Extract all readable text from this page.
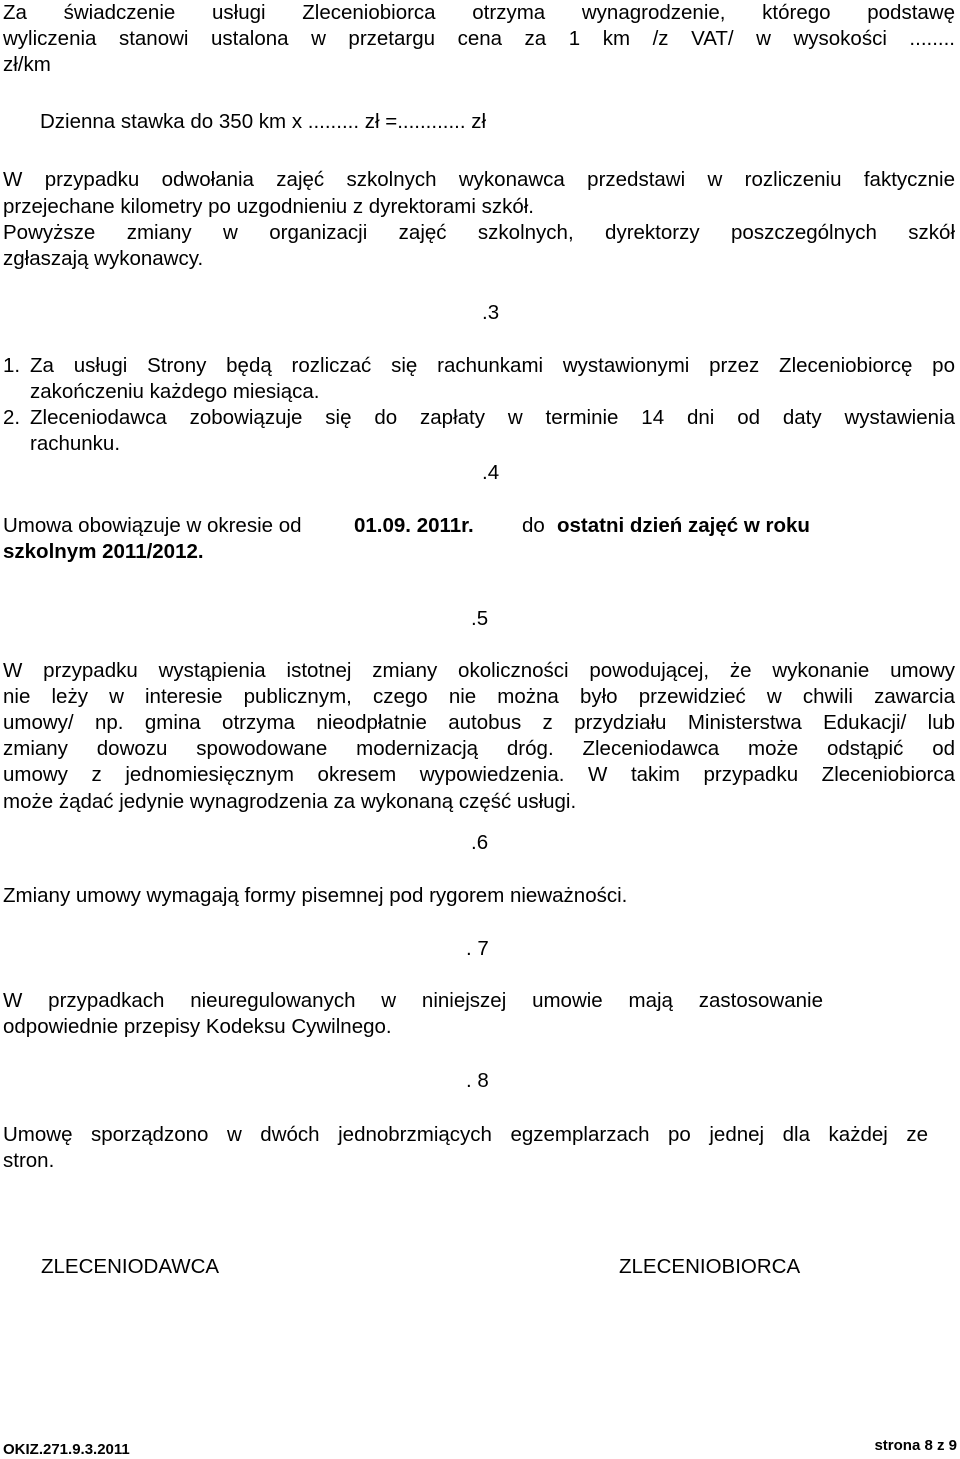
Za świadczenie usługi Zleceniobiorca otrzyma wynagrodzenie, którego podstawę

wyliczenia stanowi ustalona w przetargu cena za 1 km /z VAT/ w wysokości ........

zł/km

Dzienna stawka do 350 km x ......... zł =............ zł

W przypadku odwołania zajęć szkolnych wykonawca przedstawi w rozliczeniu faktycznie

przejechane kilometry po uzgodnieniu z dyrektorami szkół.

Powyższe zmiany w organizacji zajęć szkolnych, dyrektorzy poszczególnych szkół

zgłaszają wykonawcy.

.3

1. Za usługi Strony będą rozliczać się rachunkami wystawionymi przez Zleceniobiorcę po
zakończeniu każdego miesiąca.
2. Zleceniodawca zobowiązuje się do zapłaty w terminie 14 dni od daty wystawienia
rachunku.

.4

Umowa obowiązuje w okresie od	01.09. 2011r. do ostatni dzień zajęć w roku

szkolnym 2011/2012.

.5

W przypadku wystąpienia istotnej zmiany okoliczności powodującej, że wykonanie umowy

nie leży w interesie publicznym, czego nie można było przewidzieć w chwili zawarcia

umowy/ np. gmina otrzyma nieodpłatnie autobus z przydziału Ministerstwa Edukacji/ lub

zmiany dowozu spowodowane modernizacją dróg. Zleceniodawca może odstąpić od

umowy z jednomiesięcznym okresem wypowiedzenia. W takim przypadku Zleceniobiorca

może żądać jedynie wynagrodzenia za wykonaną część usługi.

.6

Zmiany umowy wymagają formy pisemnej pod rygorem nieważności.

. 7

W przypadkach nieuregulowanych w niniejszej umowie mają zastosowanie

odpowiednie przepisy Kodeksu Cywilnego.

. 8

Umowę sporządzono w dwóch jednobrzmiących egzemplarzach po jednej dla każdej ze

stron.

ZLECENIODAWCA	ZLECENIOBIORCA

OKIZ.271.9.3.2011	strona 8 z 9
